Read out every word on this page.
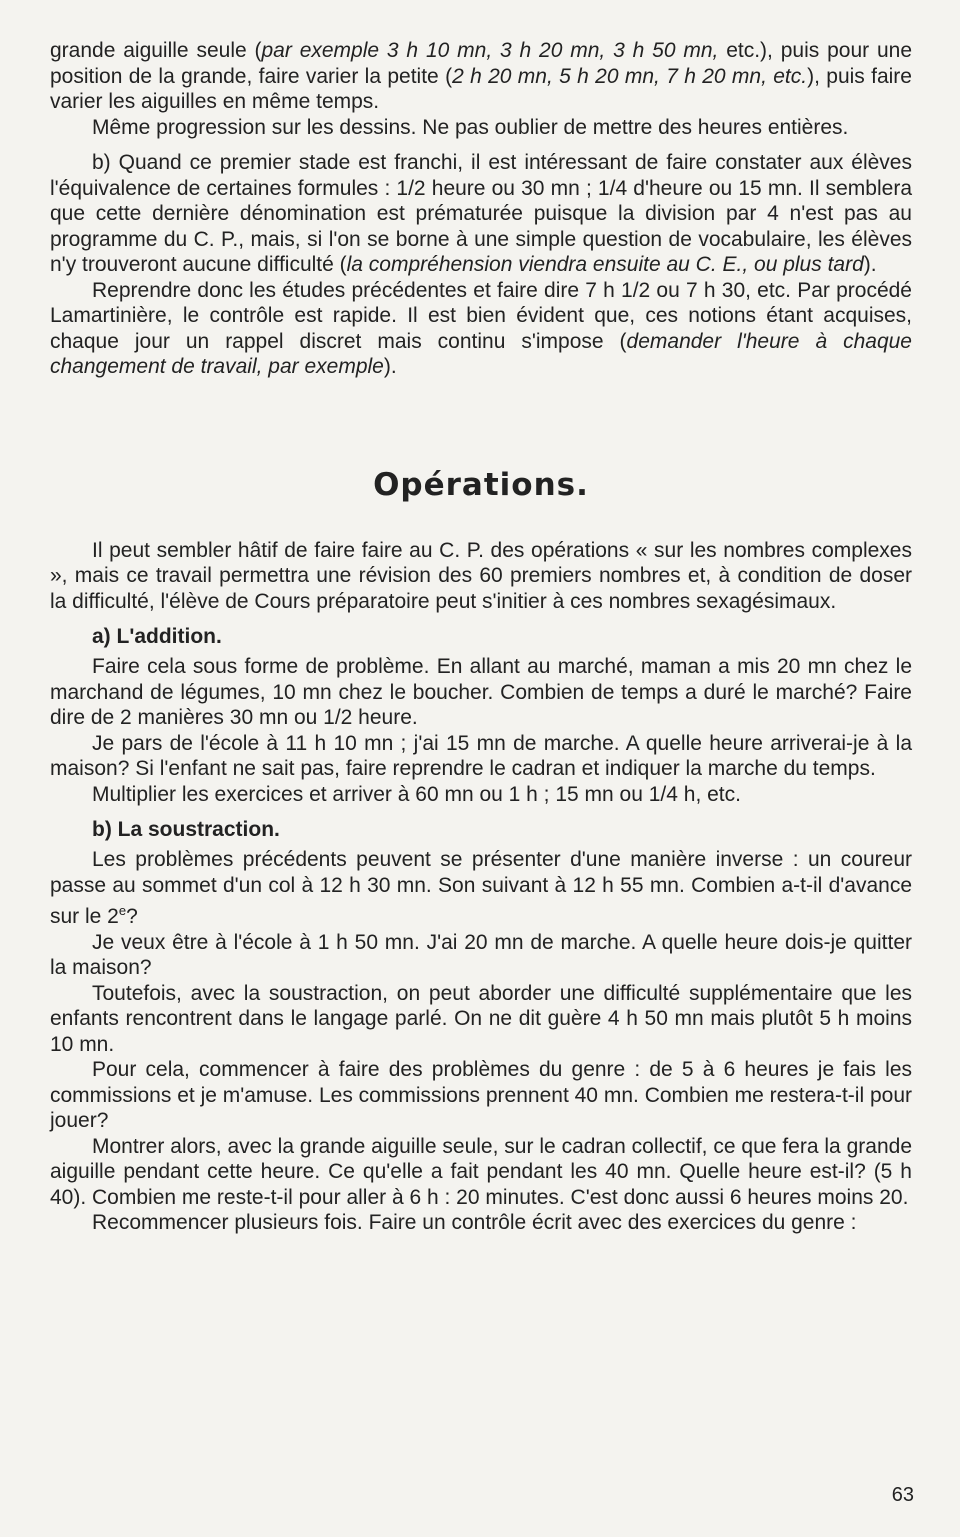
grande aiguille seule (par exemple 3 h 10 mn, 3 h 20 mn, 3 h 50 mn, etc.), puis pour une position de la grande, faire varier la petite (2 h 20 mn, 5 h 20 mn, 7 h 20 mn, etc.), puis faire varier les aiguilles en même temps.

Même progression sur les dessins. Ne pas oublier de mettre des heures entières.

b) Quand ce premier stade est franchi, il est intéressant de faire constater aux élèves l'équivalence de certaines formules : 1/2 heure ou 30 mn ; 1/4 d'heure ou 15 mn. Il semblera que cette dernière dénomination est prématurée puisque la division par 4 n'est pas au programme du C. P., mais, si l'on se borne à une simple question de vocabulaire, les élèves n'y trouveront aucune difficulté (la compréhension viendra ensuite au C. E., ou plus tard).

Reprendre donc les études précédentes et faire dire 7 h 1/2 ou 7 h 30, etc. Par procédé Lamartinière, le contrôle est rapide. Il est bien évident que, ces notions étant acquises, chaque jour un rappel discret mais continu s'impose (demander l'heure à chaque changement de travail, par exemple).

Opérations.

Il peut sembler hâtif de faire faire au C. P. des opérations « sur les nombres complexes », mais ce travail permettra une révision des 60 premiers nombres et, à condition de doser la difficulté, l'élève de Cours préparatoire peut s'initier à ces nombres sexagésimaux.

a) L'addition.

Faire cela sous forme de problème. En allant au marché, maman a mis 20 mn chez le marchand de légumes, 10 mn chez le boucher. Combien de temps a duré le marché? Faire dire de 2 manières 30 mn ou 1/2 heure.

Je pars de l'école à 11 h 10 mn ; j'ai 15 mn de marche. A quelle heure arriverai-je à la maison? Si l'enfant ne sait pas, faire reprendre le cadran et indiquer la marche du temps.

Multiplier les exercices et arriver à 60 mn ou 1 h ; 15 mn ou 1/4 h, etc.

b) La soustraction.

Les problèmes précédents peuvent se présenter d'une manière inverse : un coureur passe au sommet d'un col à 12 h 30 mn. Son suivant à 12 h 55 mn. Combien a-t-il d'avance sur le 2e?

Je veux être à l'école à 1 h 50 mn. J'ai 20 mn de marche. A quelle heure dois-je quitter la maison?

Toutefois, avec la soustraction, on peut aborder une difficulté supplémentaire que les enfants rencontrent dans le langage parlé. On ne dit guère 4 h 50 mn mais plutôt 5 h moins 10 mn.

Pour cela, commencer à faire des problèmes du genre : de 5 à 6 heures je fais les commissions et je m'amuse. Les commissions prennent 40 mn. Combien me restera-t-il pour jouer?

Montrer alors, avec la grande aiguille seule, sur le cadran collectif, ce que fera la grande aiguille pendant cette heure. Ce qu'elle a fait pendant les 40 mn. Quelle heure est-il? (5 h 40). Combien me reste-t-il pour aller à 6 h : 20 minutes. C'est donc aussi 6 heures moins 20.

Recommencer plusieurs fois. Faire un contrôle écrit avec des exercices du genre :

63
